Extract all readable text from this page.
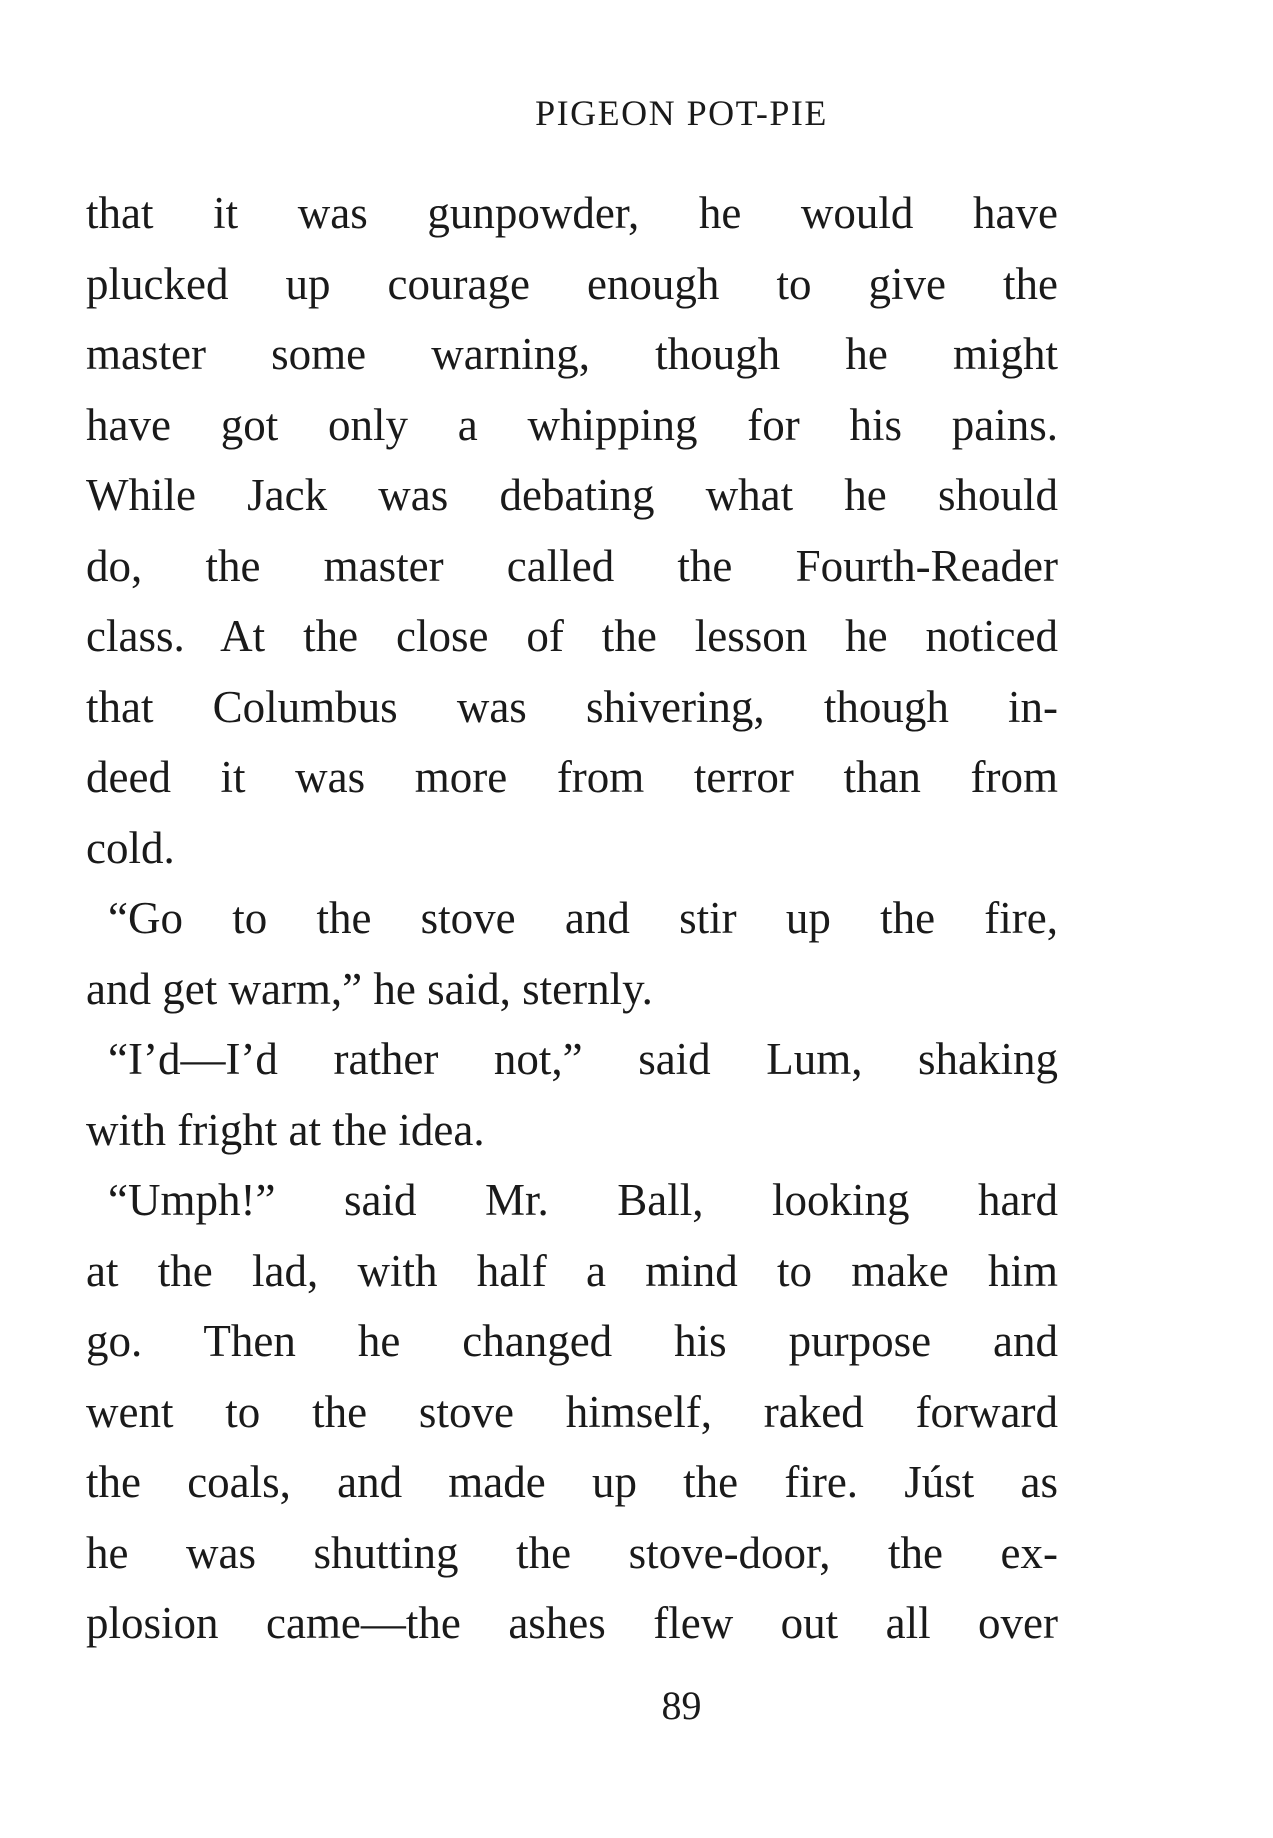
PIGEON POT-PIE
that it was gunpowder, he would have
plucked up courage enough to give the
master some warning, though he might
have got only a whipping for his pains.
While Jack was debating what he should
do, the master called the Fourth-Reader
class. At the close of the lesson he noticed
that Columbus was shivering, though in-
deed it was more from terror than from
cold.
“Go to the stove and stir up the fire,
and get warm,” he said, sternly.
“I’d—I’d rather not,” said Lum, shaking
with fright at the idea.
“Umph!” said Mr. Ball, looking hard
at the lad, with half a mind to make him
go. Then he changed his purpose and
went to the stove himself, raked forward
the coals, and made up the fire. Júst as
he was shutting the stove-door, the ex-
plosion came—the ashes flew out all over
89
